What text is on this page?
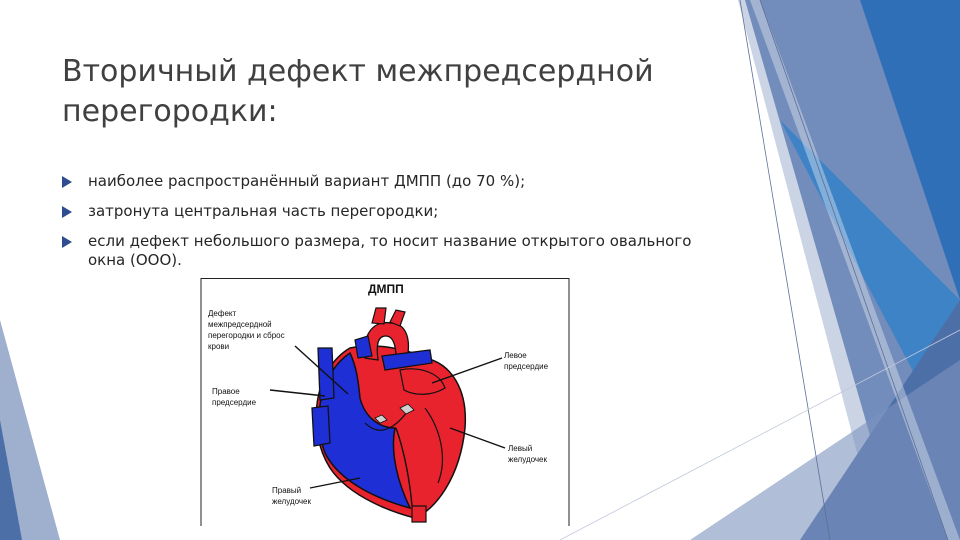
Вторичный дефект межпредсердной перегородки:
наиболее распространённый вариант ДМПП (до 70 %);
затронута центральная часть перегородки;
если дефект небольшого размера, то носит название открытого овального окна (ООО).
ДМПП
Дефект межпредсердной перегородки и сброс крови
Правое предсердие
Левое предсердие
Левый желудочек
Правый желудочек
